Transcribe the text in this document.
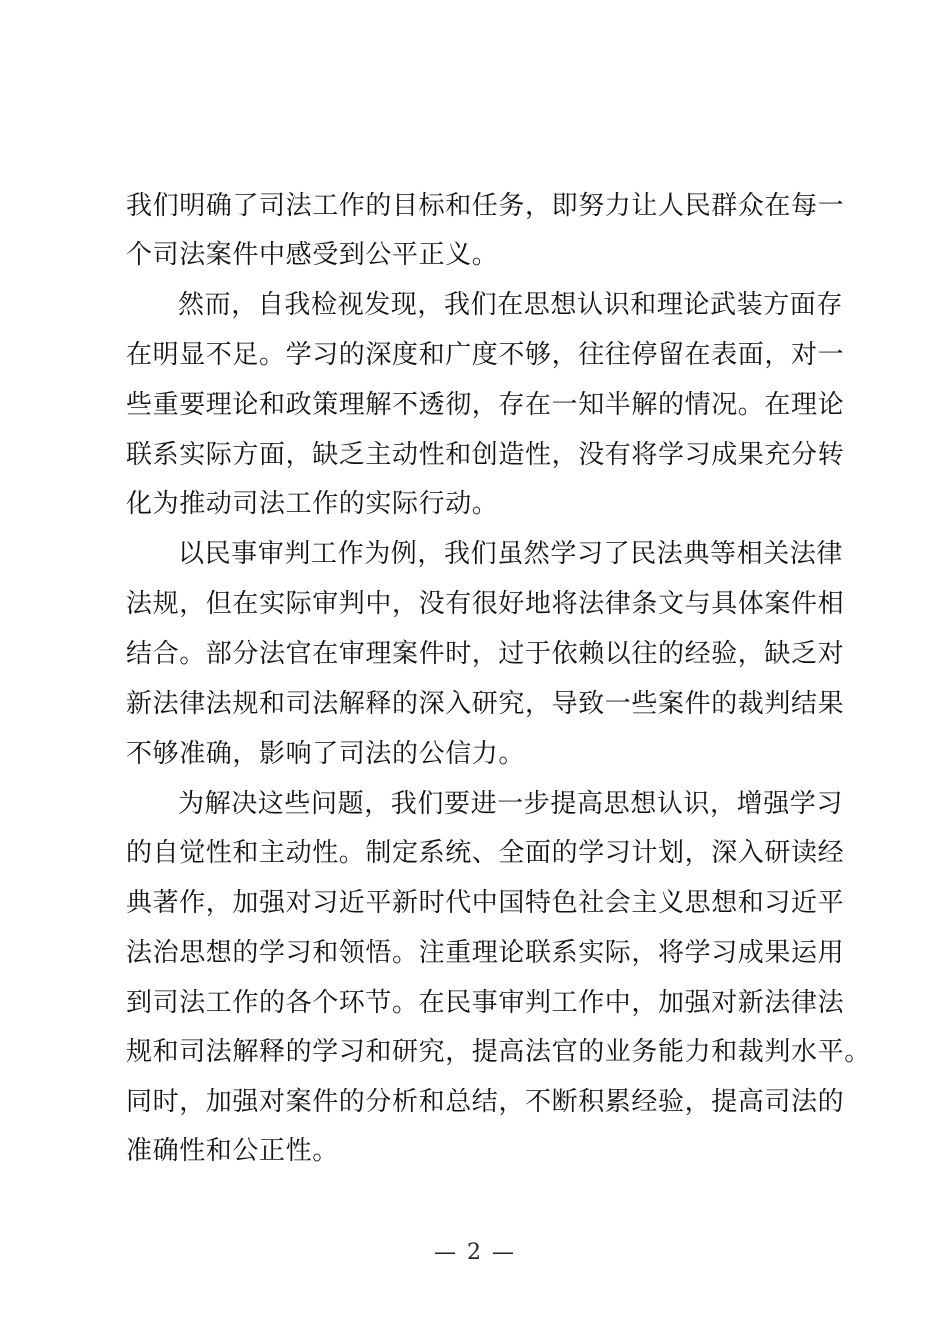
我们明确了司法工作的目标和任务，即努力让人民群众在每一
个司法案件中感受到公平正义。
然而，自我检视发现，我们在思想认识和理论武装方面存
在明显不足。学习的深度和广度不够，往往停留在表面，对一
些重要理论和政策理解不透彻，存在一知半解的情况。在理论
联系实际方面，缺乏主动性和创造性，没有将学习成果充分转
化为推动司法工作的实际行动。
以民事审判工作为例，我们虽然学习了民法典等相关法律
法规，但在实际审判中，没有很好地将法律条文与具体案件相
结合。部分法官在审理案件时，过于依赖以往的经验，缺乏对
新法律法规和司法解释的深入研究，导致一些案件的裁判结果
不够准确，影响了司法的公信力。
为解决这些问题，我们要进一步提高思想认识，增强学习
的自觉性和主动性。制定系统、全面的学习计划，深入研读经
典著作，加强对习近平新时代中国特色社会主义思想和习近平
法治思想的学习和领悟。注重理论联系实际，将学习成果运用
到司法工作的各个环节。在民事审判工作中，加强对新法律法
规和司法解释的学习和研究，提高法官的业务能力和裁判水平。
同时，加强对案件的分析和总结，不断积累经验，提高司法的
准确性和公正性。
— 2 —
